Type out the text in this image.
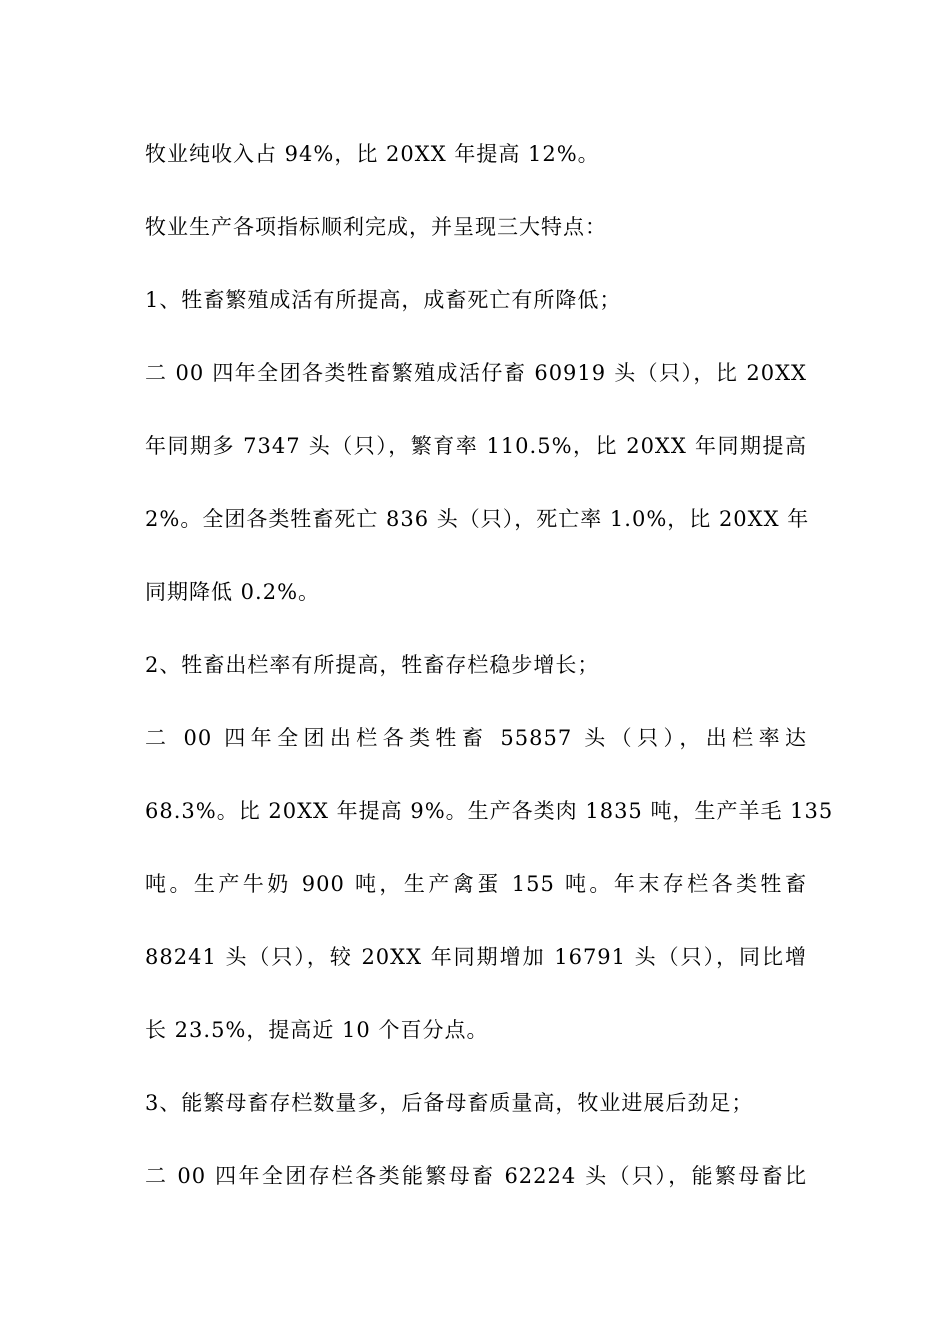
牧业纯收入占 94%，比 20XX 年提高 12%。
牧业生产各项指标顺利完成，并呈现三大特点：
1、牲畜繁殖成活有所提高，成畜死亡有所降低；
二 00 四年全团各类牲畜繁殖成活仔畜 60919 头（只），比 20XX
年同期多 7347 头（只），繁育率 110.5%，比 20XX 年同期提高
2%。全团各类牲畜死亡 836 头（只），死亡率 1.0%，比 20XX 年
同期降低 0.2%。
2、牲畜出栏率有所提高，牲畜存栏稳步增长；
二 00 四年全团出栏各类牲畜 55857 头（只），出栏率达
68.3%。比 20XX 年提高 9%。生产各类肉 1835 吨，生产羊毛 135
吨。生产牛奶 900 吨，生产禽蛋 155 吨。年末存栏各类牲畜
88241 头（只），较 20XX 年同期增加 16791 头（只），同比增
长 23.5%，提高近 10 个百分点。
3、能繁母畜存栏数量多，后备母畜质量高，牧业进展后劲足；
二 00 四年全团存栏各类能繁母畜 62224 头（只），能繁母畜比
